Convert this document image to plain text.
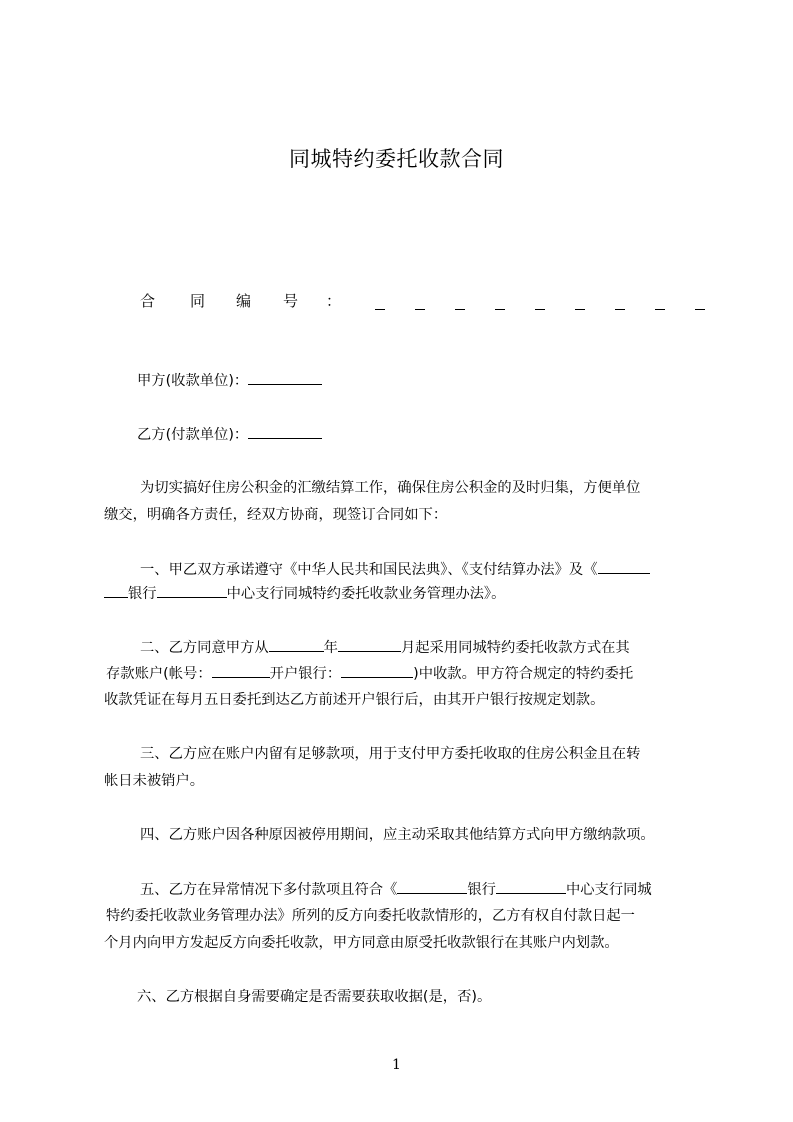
同城特约委托收款合同
合 同 编 号 ：
甲方(收款单位)：
乙方(付款单位)：
为切实搞好住房公积金的汇缴结算工作，确保住房公积金的及时归集，方便单位
缴交，明确各方责任，经双方协商，现签订合同如下：
一、甲乙双方承诺遵守《中华人民共和国民法典》、《支付结算办法》及《
银行	中心支行同城特约委托收款业务管理办法》。
二、乙方同意甲方从	年	月起采用同城特约委托收款方式在其
存款账户(帐号：	开户银行：	)中收款。甲方符合规定的特约委托
收款凭证在每月五日委托到达乙方前述开户银行后，由其开户银行按规定划款。
三、乙方应在账户内留有足够款项，用于支付甲方委托收取的住房公积金且在转
帐日未被销户。
四、乙方账户因各种原因被停用期间，应主动采取其他结算方式向甲方缴纳款项。
五、乙方在异常情况下多付款项且符合《	银行	中心支行同城
特约委托收款业务管理办法》所列的反方向委托收款情形的，乙方有权自付款日起一
个月内向甲方发起反方向委托收款，甲方同意由原受托收款银行在其账户内划款。
六、乙方根据自身需要确定是否需要获取收据(是，否)。
1
